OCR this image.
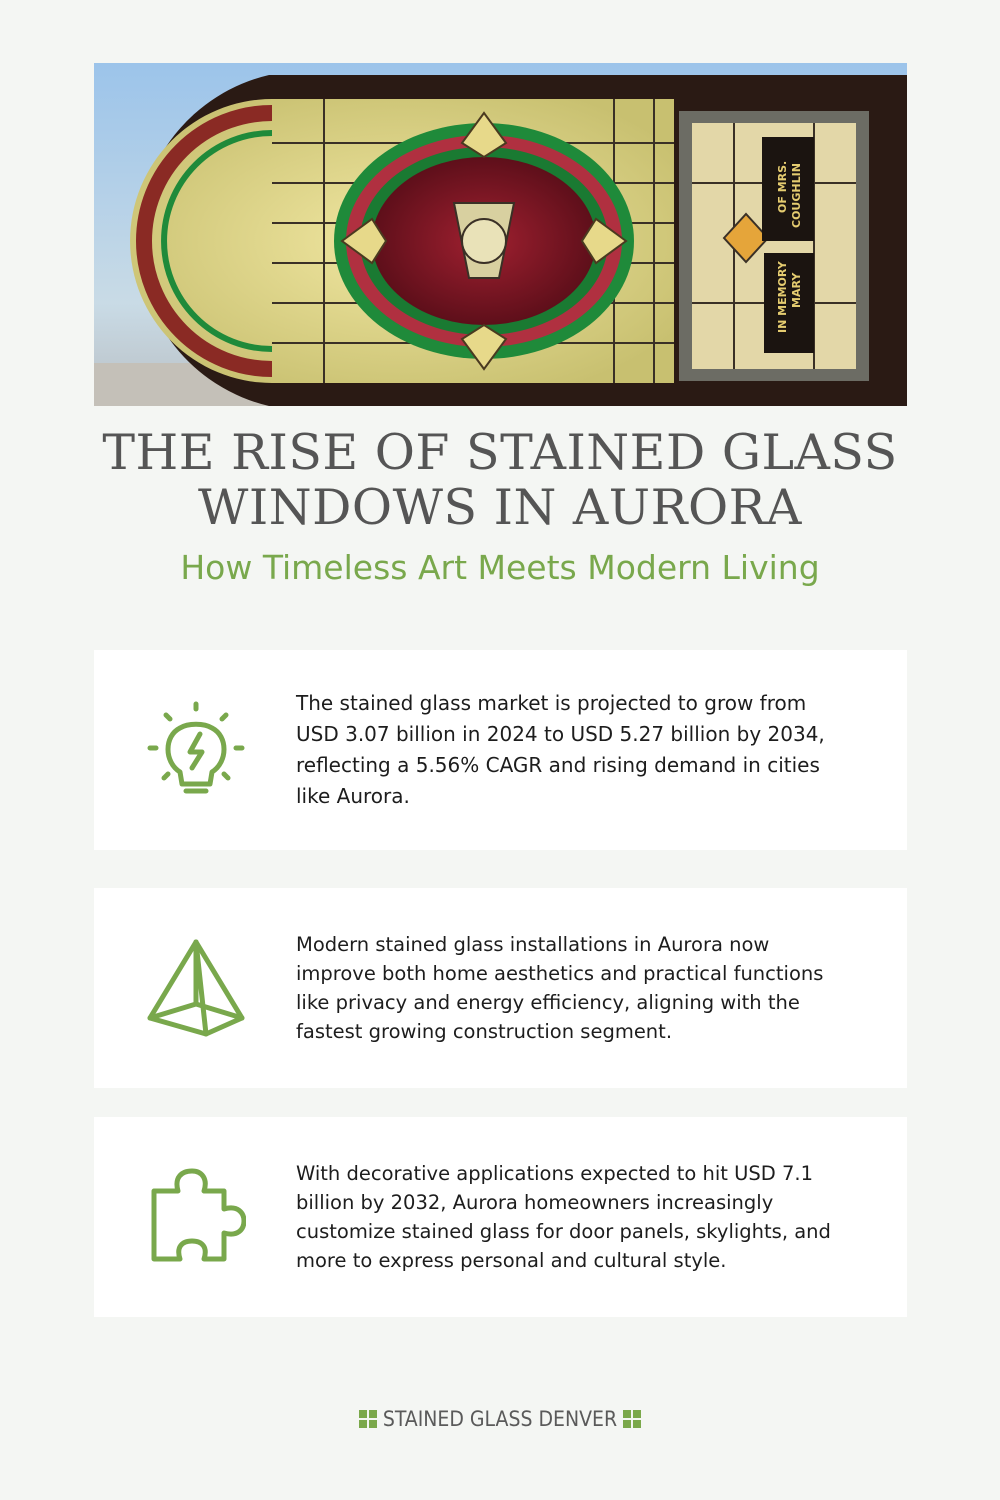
OF MRS. COUGHLIN
IN MEMORY MARY
THE RISE OF STAINED GLASS
WINDOWS IN AURORA

How Timeless Art Meets Modern Living

The stained glass market is projected to grow from USD 3.07 billion in 2024 to USD 5.27 billion by 2034, reflecting a 5.56% CAGR and rising demand in cities like Aurora.

Modern stained glass installations in Aurora now improve both home aesthetics and practical functions like privacy and energy efficiency, aligning with the fastest growing construction segment.

With decorative applications expected to hit USD 7.1 billion by 2032, Aurora homeowners increasingly customize stained glass for door panels, skylights, and more to express personal and cultural style.

STAINED GLASS DENVER
